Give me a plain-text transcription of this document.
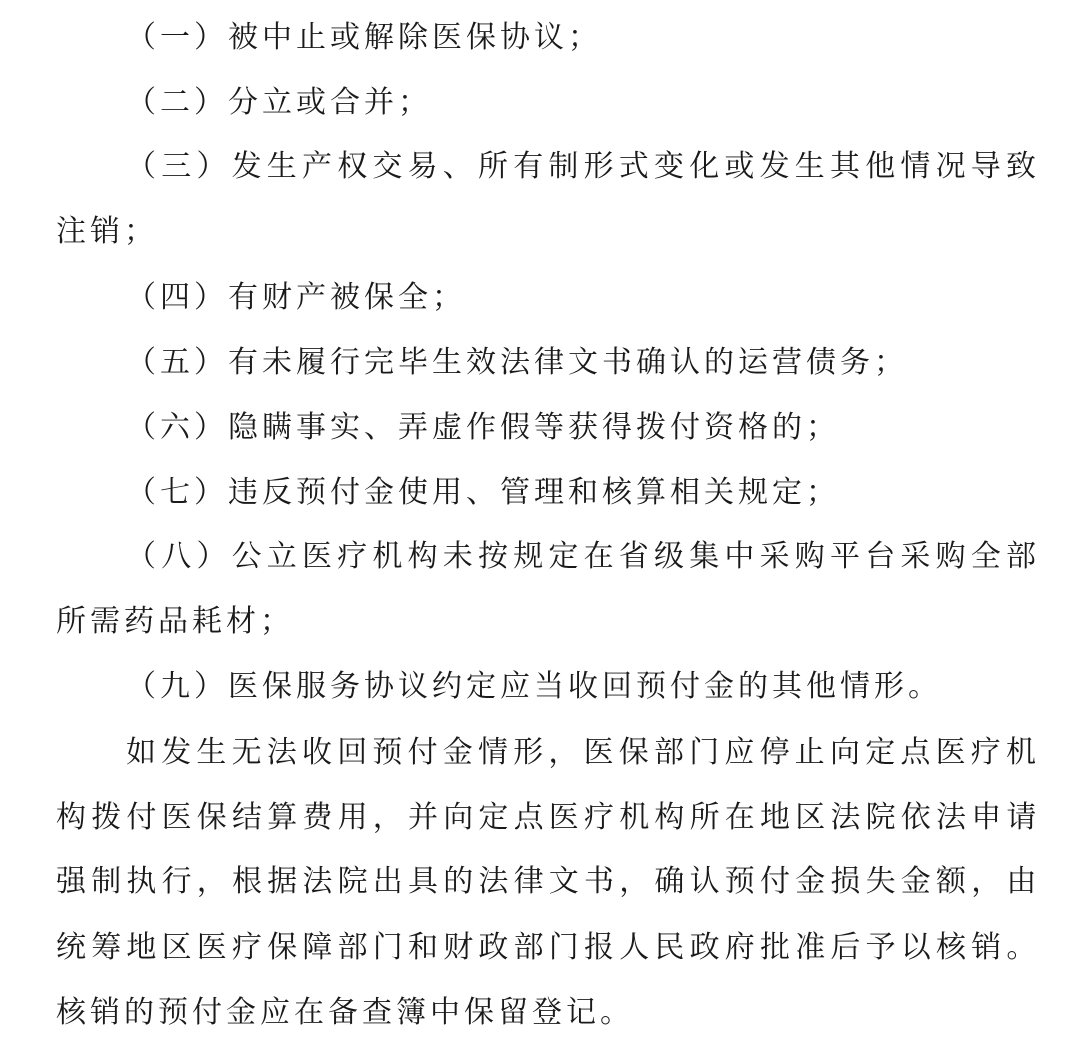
（一）被中止或解除医保协议；
（二）分立或合并；
（三）发生产权交易、所有制形式变化或发生其他情况导致
注销；
（四）有财产被保全；
（五）有未履行完毕生效法律文书确认的运营债务；
（六）隐瞒事实、弄虚作假等获得拨付资格的；
（七）违反预付金使用、管理和核算相关规定；
（八）公立医疗机构未按规定在省级集中采购平台采购全部
所需药品耗材；
（九）医保服务协议约定应当收回预付金的其他情形。
如发生无法收回预付金情形，医保部门应停止向定点医疗机
构拨付医保结算费用，并向定点医疗机构所在地区法院依法申请
强制执行，根据法院出具的法律文书，确认预付金损失金额，由
统筹地区医疗保障部门和财政部门报人民政府批准后予以核销。
核销的预付金应在备查簿中保留登记。
